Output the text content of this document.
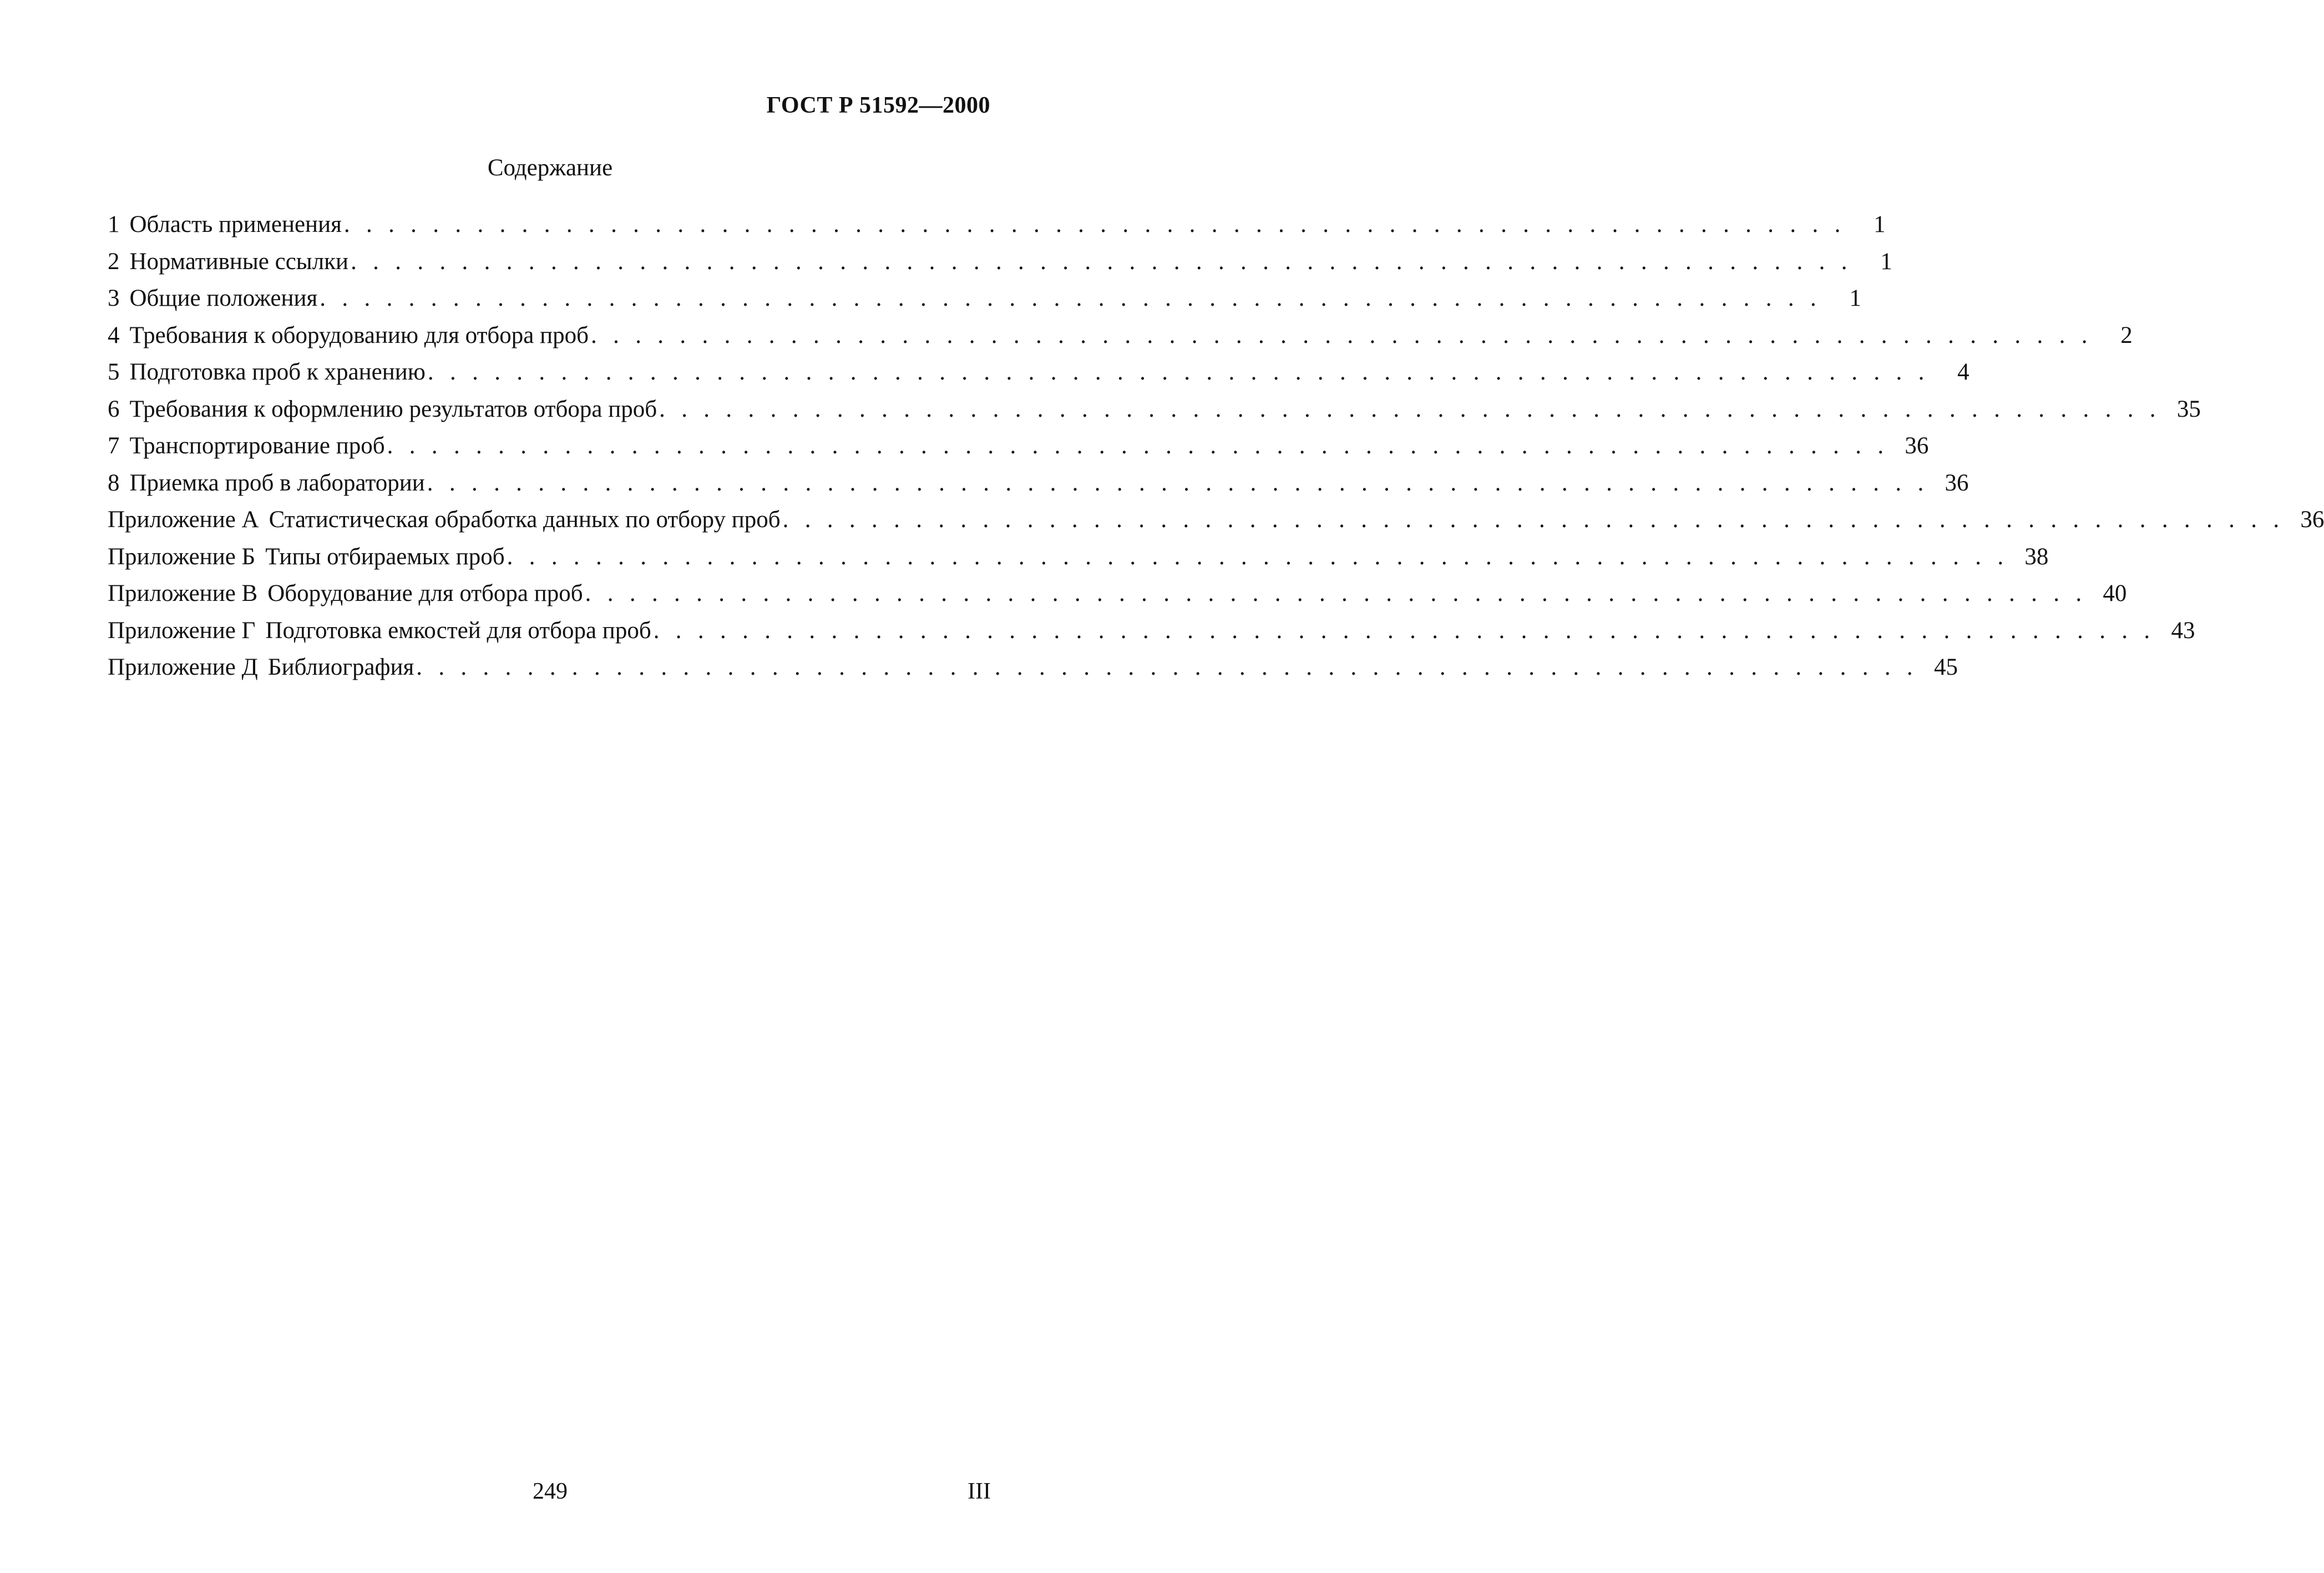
ГОСТ Р 51592—2000
Содержание
1 Область применения . . . . . . . . . . . . . . . . . . . . . . . . . . . . . . . . . . . . . . . . . . . . . . . . . . . . . . . . . . . . . . . . . . . .	1
2 Нормативные ссылки . . . . . . . . . . . . . . . . . . . . . . . . . . . . . . . . . . . . . . . . . . . . . . . . . . . . . . . . . . . . . . . . . . . .	1
3 Общие положения . . . . . . . . . . . . . . . . . . . . . . . . . . . . . . . . . . . . . . . . . . . . . . . . . . . . . . . . . . . . . . . . . . . .	1
4 Требования к оборудованию для отбора проб . . . . . . . . . . . . . . . . . . . . . . . . . . . . . . . . . . . . . . . . . . . . . . . . . . . . . . . . . . . . . . . . . . . .	2
5 Подготовка проб к хранению . . . . . . . . . . . . . . . . . . . . . . . . . . . . . . . . . . . . . . . . . . . . . . . . . . . . . . . . . . . . . . . . . . . .	4
6 Требования к оформлению результатов отбора проб . . . . . . . . . . . . . . . . . . . . . . . . . . . . . . . . . . . . . . . . . . . . . . . . . . . . . . . . . . . . . . . . . . . . 35
7 Транспортирование проб . . . . . . . . . . . . . . . . . . . . . . . . . . . . . . . . . . . . . . . . . . . . . . . . . . . . . . . . . . . . . . . . . . . . 36
8 Приемка проб в лаборатории . . . . . . . . . . . . . . . . . . . . . . . . . . . . . . . . . . . . . . . . . . . . . . . . . . . . . . . . . . . . . . . . . . . . 36
Приложение А Статистическая обработка данных по отбору проб . . . . . . . . . . . . . . . . . . . . . . . . . . . . . . . . . . . . . . . . . . . . . . . . . . . . . . . . . . . . . . . . . . . . 36
Приложение Б Типы отбираемых проб . . . . . . . . . . . . . . . . . . . . . . . . . . . . . . . . . . . . . . . . . . . . . . . . . . . . . . . . . . . . . . . . . . . . 38
Приложение В Оборудование для отбора проб . . . . . . . . . . . . . . . . . . . . . . . . . . . . . . . . . . . . . . . . . . . . . . . . . . . . . . . . . . . . . . . . . . . . 40
Приложение Г Подготовка емкостей для отбора проб . . . . . . . . . . . . . . . . . . . . . . . . . . . . . . . . . . . . . . . . . . . . . . . . . . . . . . . . . . . . . . . . . . . . 43
Приложение Д Библиография . . . . . . . . . . . . . . . . . . . . . . . . . . . . . . . . . . . . . . . . . . . . . . . . . . . . . . . . . . . . . . . . . . . . 45
249	III
